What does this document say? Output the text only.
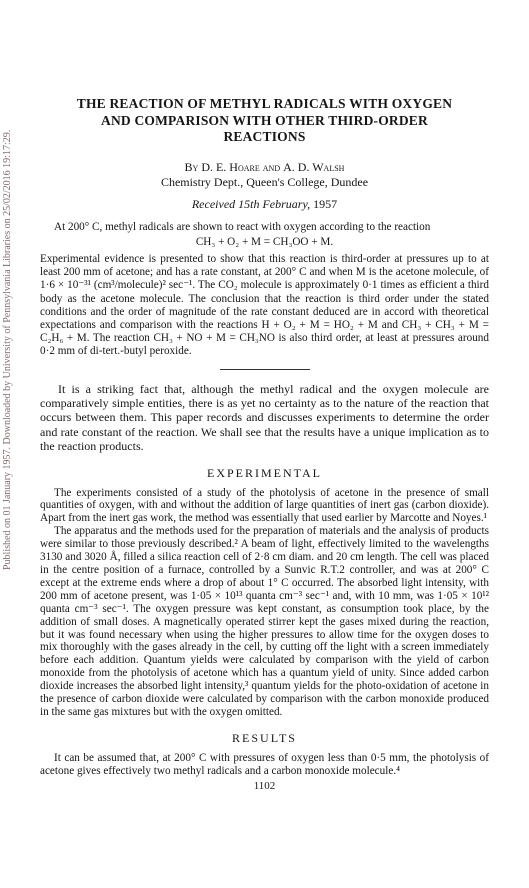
Published on 01 January 1957. Downloaded by University of Pennsylvania Libraries on 25/02/2016 19:17:29.
THE REACTION OF METHYL RADICALS WITH OXYGEN
AND COMPARISON WITH OTHER THIRD-ORDER
REACTIONS
By D. E. Hoare and A. D. Walsh
Chemistry Dept., Queen's College, Dundee
Received 15th February, 1957

At 200° C, methyl radicals are shown to react with oxygen according to the reaction

CH₃ + O₂ + M = CH₃OO + M.

Experimental evidence is presented to show that this reaction is third-order at pressures up to at least 200 mm of acetone; and has a rate constant, at 200° C and when M is the acetone molecule, of 1·6 × 10⁻³¹ (cm³/molecule)² sec⁻¹. The CO₂ molecule is approximately 0·1 times as efficient a third body as the acetone molecule. The conclusion that the reaction is third order under the stated conditions and the order of magnitude of the rate constant deduced are in accord with theoretical expectations and comparison with the reactions H + O₂ + M = HO₂ + M and CH₃ + CH₃ + M = C₂H₆ + M. The reaction CH₃ + NO + M = CH₃NO is also third order, at least at pressures around 0·2 mm of di-tert.-butyl peroxide.

It is a striking fact that, although the methyl radical and the oxygen molecule are comparatively simple entities, there is as yet no certainty as to the nature of the reaction that occurs between them. This paper records and discusses experiments to determine the order and rate constant of the reaction. We shall see that the results have a unique implication as to the reaction products.

EXPERIMENTAL

The experiments consisted of a study of the photolysis of acetone in the presence of small quantities of oxygen, with and without the addition of large quantities of inert gas (carbon dioxide). Apart from the inert gas work, the method was essentially that used earlier by Marcotte and Noyes.¹

The apparatus and the methods used for the preparation of materials and the analysis of products were similar to those previously described.² A beam of light, effectively limited to the wavelengths 3130 and 3020 Å, filled a silica reaction cell of 2·8 cm diam. and 20 cm length. The cell was placed in the centre position of a furnace, controlled by a Sunvic R.T.2 controller, and was at 200° C except at the extreme ends where a drop of about 1° C occurred. The absorbed light intensity, with 200 mm of acetone present, was 1·05 × 10¹³ quanta cm⁻³ sec⁻¹ and, with 10 mm, was 1·05 × 10¹² quanta cm⁻³ sec⁻¹. The oxygen pressure was kept constant, as consumption took place, by the addition of small doses. A magnetically operated stirrer kept the gases mixed during the reaction, but it was found necessary when using the higher pressures to allow time for the oxygen doses to mix thoroughly with the gases already in the cell, by cutting off the light with a screen immediately before each addition. Quantum yields were calculated by comparison with the yield of carbon monoxide from the photolysis of acetone which has a quantum yield of unity. Since added carbon dioxide increases the absorbed light intensity,³ quantum yields for the photo-oxidation of acetone in the presence of carbon dioxide were calculated by comparison with the carbon monoxide produced in the same gas mixtures but with the oxygen omitted.

RESULTS

It can be assumed that, at 200° C with pressures of oxygen less than 0·5 mm, the photolysis of acetone gives effectively two methyl radicals and a carbon monoxide molecule.⁴

1102
